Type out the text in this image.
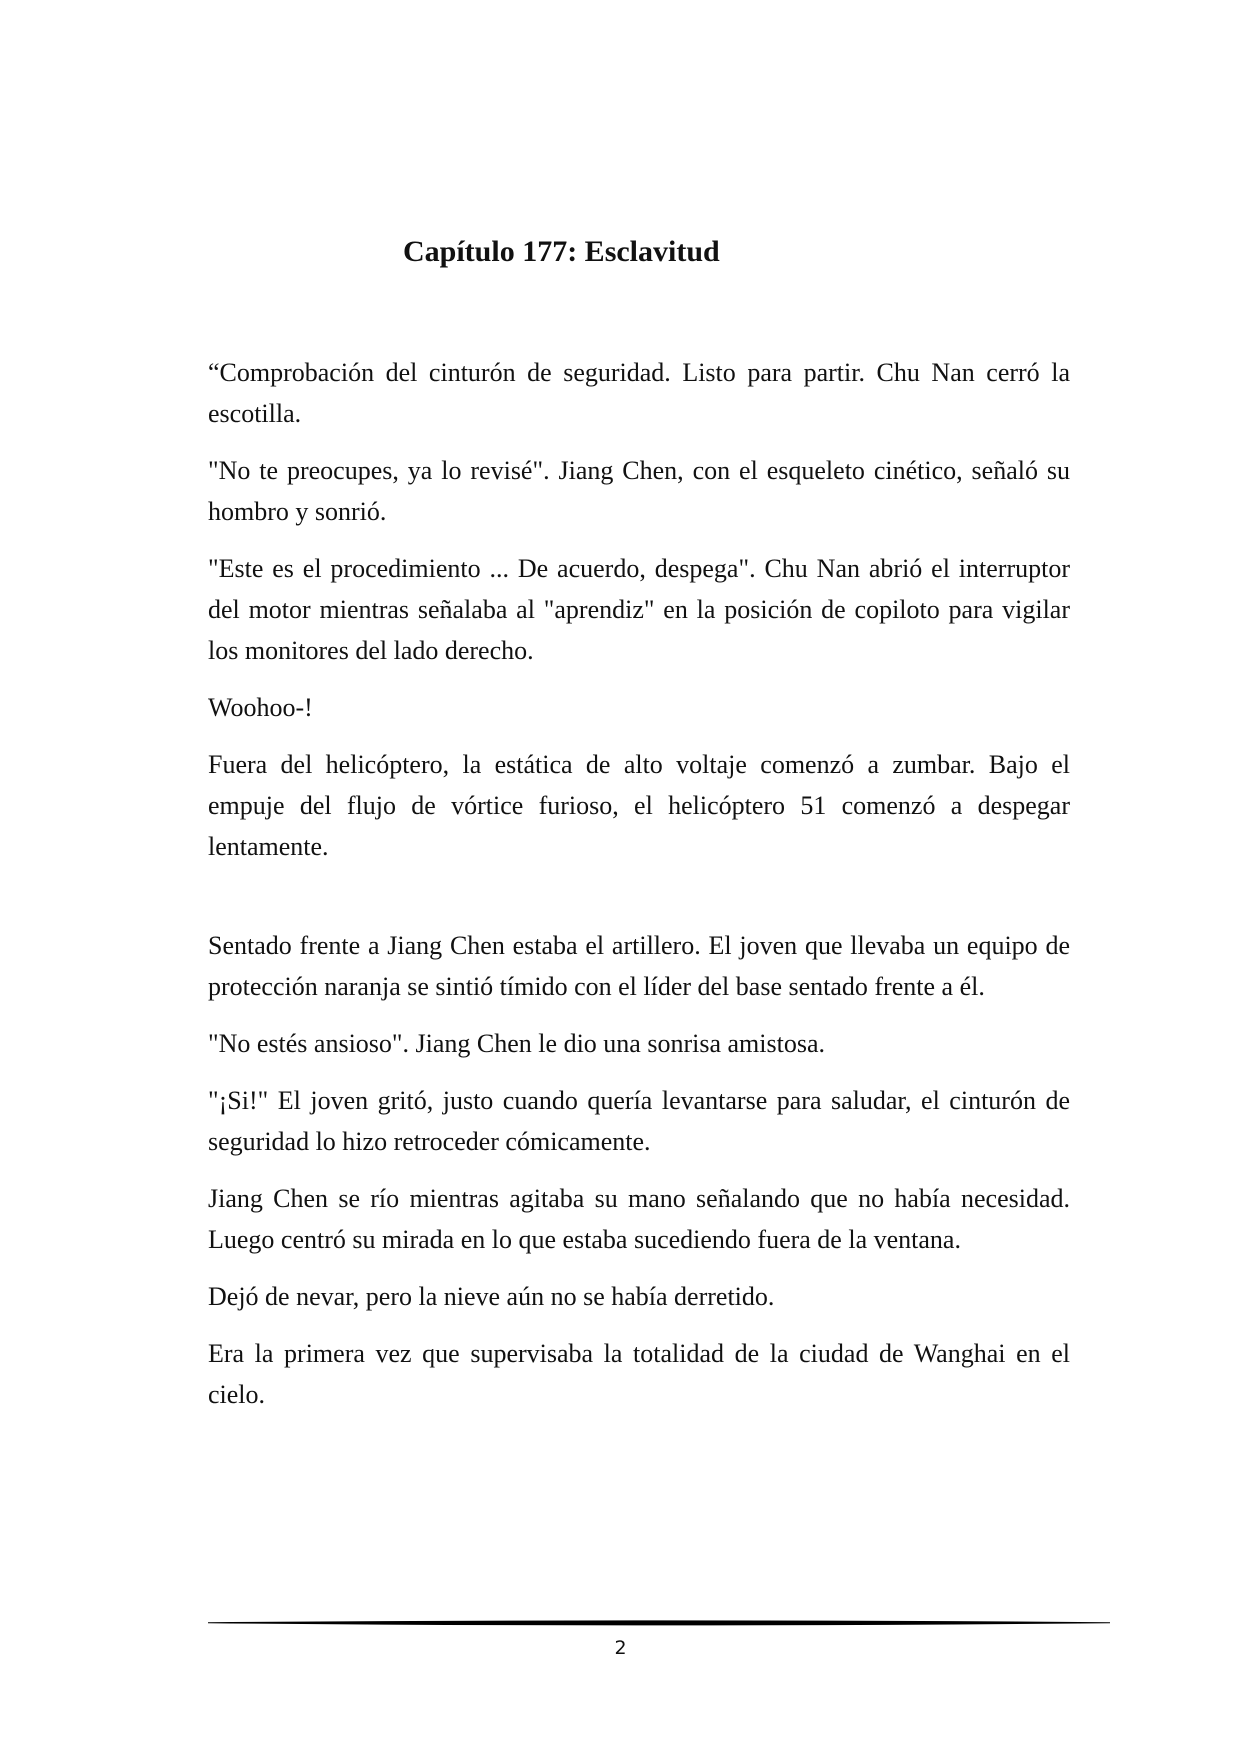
Capítulo 177: Esclavitud

“Comprobación del cinturón de seguridad. Listo para partir. Chu Nan cerró la escotilla.

"No te preocupes, ya lo revisé". Jiang Chen, con el esqueleto cinético, señaló su hombro y sonrió.

"Este es el procedimiento ... De acuerdo, despega". Chu Nan abrió el interruptor del motor mientras señalaba al "aprendiz" en la posición de copiloto para vigilar los monitores del lado derecho.

Woohoo-!

Fuera del helicóptero, la estática de alto voltaje comenzó a zumbar. Bajo el empuje del flujo de vórtice furioso, el helicóptero 51 comenzó a despegar lentamente.

Sentado frente a Jiang Chen estaba el artillero. El joven que llevaba un equipo de protección naranja se sintió tímido con el líder del base sentado frente a él.

"No estés ansioso". Jiang Chen le dio una sonrisa amistosa.

"¡Si!" El joven gritó, justo cuando quería levantarse para saludar, el cinturón de seguridad lo hizo retroceder cómicamente.

Jiang Chen se río mientras agitaba su mano señalando que no había necesidad. Luego centró su mirada en lo que estaba sucediendo fuera de la ventana.

Dejó de nevar, pero la nieve aún no se había derretido.

Era la primera vez que supervisaba la totalidad de la ciudad de Wanghai en el cielo.

2
